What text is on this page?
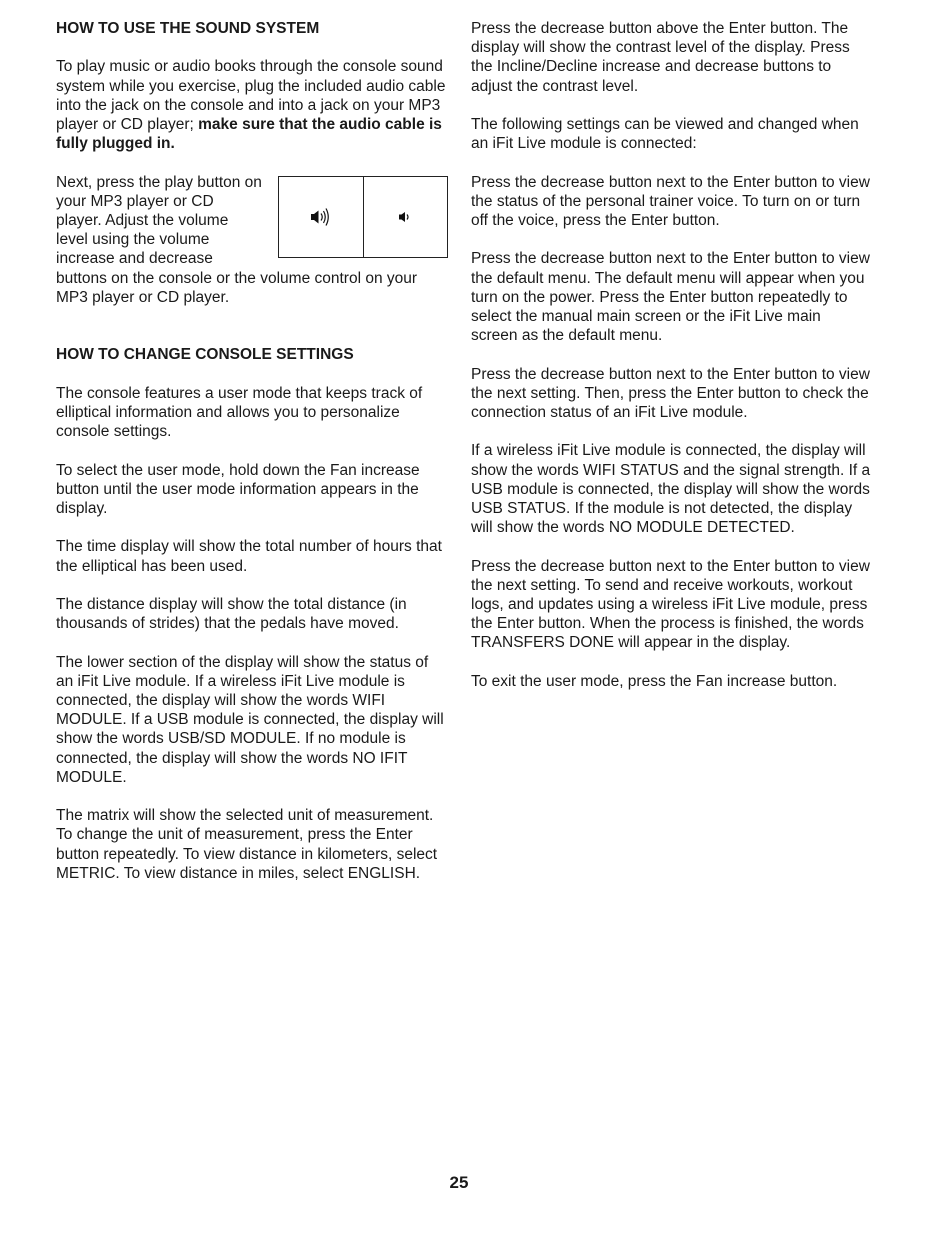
HOW TO USE THE SOUND SYSTEM

To play music or audio books through the console sound system while you exercise, plug the included audio cable into the jack on the console and into a jack on your MP3 player or CD player; make sure that the audio cable is fully plugged in.

Next, press the play button on your MP3 player or CD player. Adjust the volume level using the volume increase and decrease buttons on the console or the volume control on your MP3 player or CD player.

HOW TO CHANGE CONSOLE SETTINGS

The console features a user mode that keeps track of elliptical information and allows you to personalize console settings.

To select the user mode, hold down the Fan increase button until the user mode information appears in the display.

The time display will show the total number of hours that the elliptical has been used.

The distance display will show the total distance (in thousands of strides) that the pedals have moved.

The lower section of the display will show the status of an iFit Live module. If a wireless iFit Live module is connected, the display will show the words WIFI MODULE. If a USB module is connected, the display will show the words USB/SD MODULE. If no module is connected, the display will show the words NO IFIT MODULE.

The matrix will show the selected unit of measurement. To change the unit of measurement, press the Enter button repeatedly. To view distance in kilometers, select METRIC. To view distance in miles, select ENGLISH.

Press the decrease button above the Enter button. The display will show the contrast level of the display. Press the Incline/Decline increase and decrease buttons to adjust the contrast level.

The following settings can be viewed and changed when an iFit Live module is connected:

Press the decrease button next to the Enter button to view the status of the personal trainer voice. To turn on or turn off the voice, press the Enter button.

Press the decrease button next to the Enter button to view the default menu. The default menu will appear when you turn on the power. Press the Enter button repeatedly to select the manual main screen or the iFit Live main screen as the default menu.

Press the decrease button next to the Enter button to view the next setting. Then, press the Enter button to check the connection status of an iFit Live module.

If a wireless iFit Live module is connected, the display will show the words WIFI STATUS and the signal strength. If a USB module is connected, the display will show the words USB STATUS. If the module is not detected, the display will show the words NO MODULE DETECTED.

Press the decrease button next to the Enter button to view the next setting. To send and receive workouts, workout logs, and updates using a wireless iFit Live module, press the Enter button. When the process is finished, the words TRANSFERS DONE will appear in the display.

To exit the user mode, press the Fan increase button.

25
